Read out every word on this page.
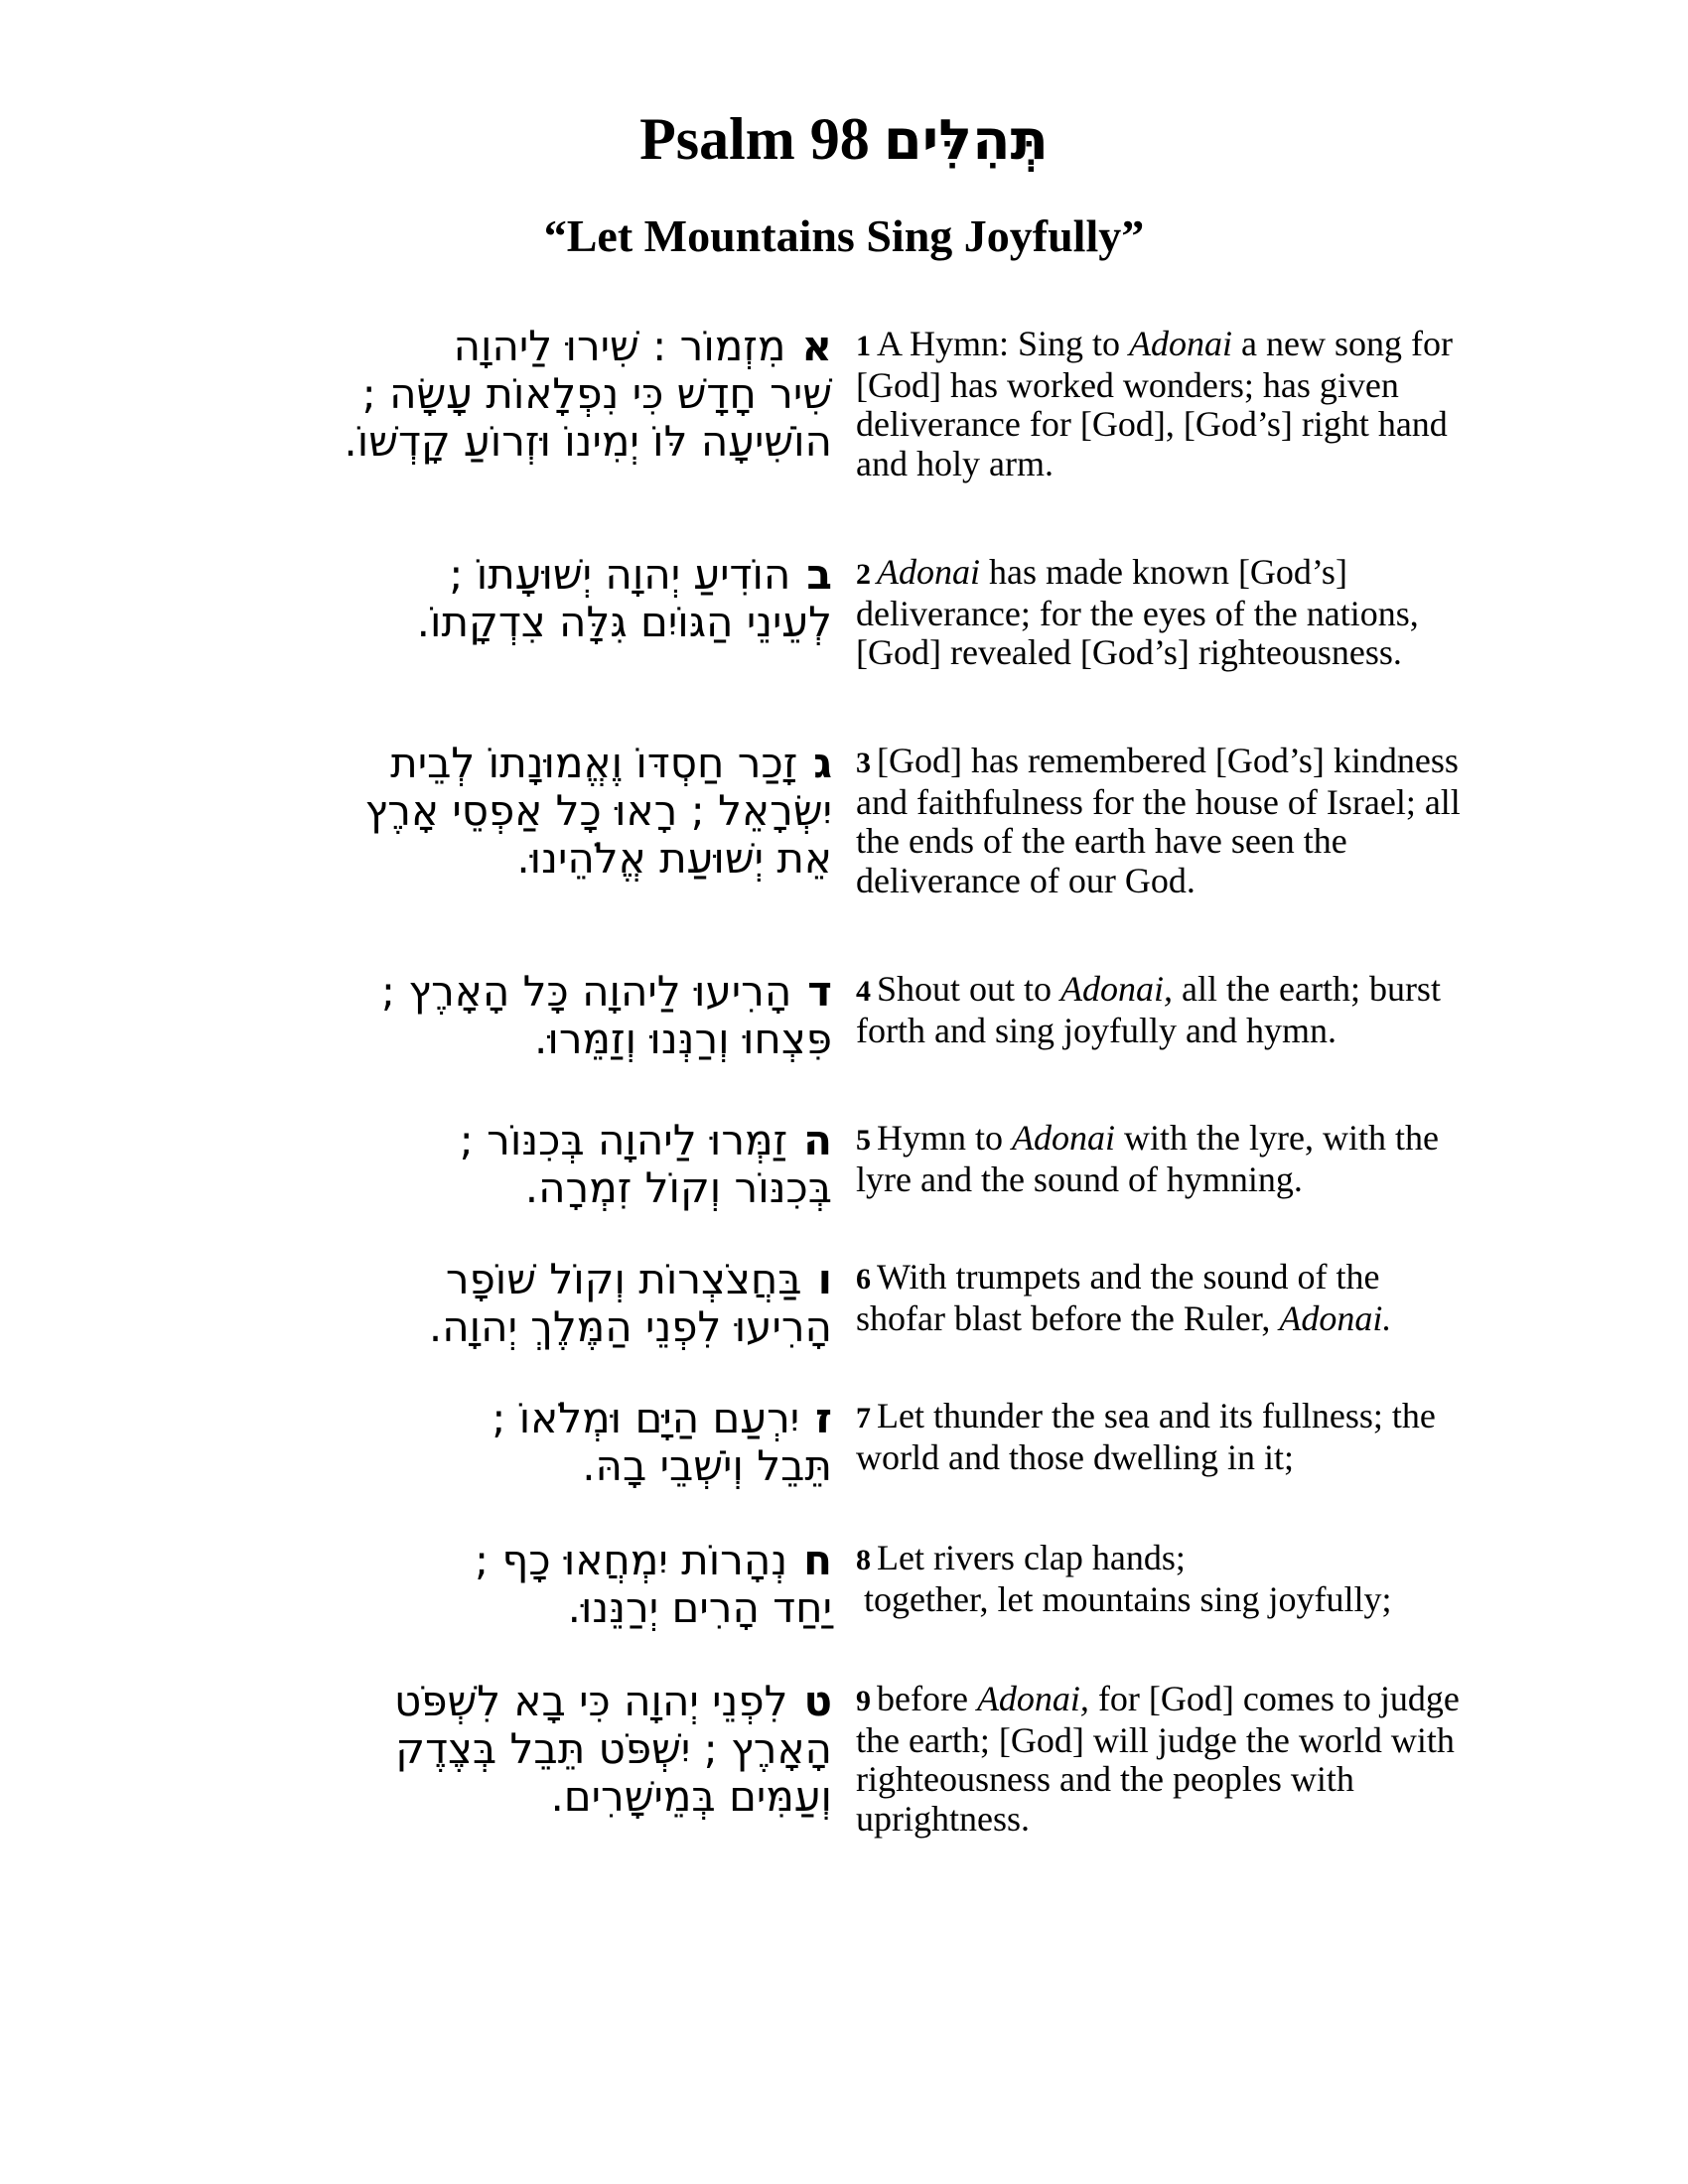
Psalm 98 תְּהִלִּים
“Let Mountains Sing Joyfully”
אמִזְמוֹר : שִׁירוּ לַיהוָה
שִׁיר חָדָשׁ כִּי נִפְלָאוֹת עָשָׂה ;
הוֹשִׁיעָה לּוֹ יְמִינוֹ וּזְרוֹעַ קָדְשׁוֹ.
1 A Hymn: Sing to Adonai a new song for [God] has worked wonders; has given deliverance for [God], [God’s] right hand and holy arm.
בהוֹדִיעַ יְהוָה יְשׁוּעָתוֹ ;
לְעֵינֵי הַגּוֹיִם גִּלָּה צִדְקָתוֹ.
2 Adonai has made known [God’s] deliverance; for the eyes of the nations, [God] revealed [God’s] righteousness.
גזָכַר חַסְדּוֹ וֶאֱמוּנָתוֹ לְבֵית
יִשְׂרָאֵל ; רָאוּ כָל אַפְסֵי אָרֶץ
אֵת יְשׁוּעַת אֱלֹהֵינוּ.
3 [God] has remembered [God’s] kindness and faithfulness for the house of Israel; all the ends of the earth have seen the deliverance of our God.
דהָרִיעוּ לַיהוָה כָּל הָאָרֶץ ;
פִּצְחוּ וְרַנְּנוּ וְזַמֵּרוּ.
4 Shout out to Adonai, all the earth; burst forth and sing joyfully and hymn.
הזַמְּרוּ לַיהוָה בְּכִנּוֹר ;
בְּכִנּוֹר וְקוֹל זִמְרָה.
5 Hymn to Adonai with the lyre, with the lyre and the sound of hymning.
ובַּחֲצֹצְרוֹת וְקוֹל שׁוֹפָר
הָרִיעוּ לִפְנֵי הַמֶּלֶךְ יְהוָה.
6 With trumpets and the sound of the shofar blast before the Ruler, Adonai.
זיִרְעַם הַיָּם וּמְלֹאוֹ ;
תֵּבֵל וְיֹשְׁבֵי בָהּ.
7 Let thunder the sea and its fullness; the world and those dwelling in it;
חנְהָרוֹת יִמְחֲאוּ כָף ;
יַחַד הָרִים יְרַנֵּנוּ.
8 Let rivers clap hands;
together, let mountains sing joyfully;
טלִפְנֵי יְהוָה כִּי בָא לִשְׁפֹּט
הָאָרֶץ ; יִשְׁפֹּט תֵּבֵל בְּצֶדֶק
וְעַמִּים בְּמֵישָׁרִים.
9 before Adonai, for [God] comes to judge the earth; [God] will judge the world with righteousness and the peoples with uprightness.
